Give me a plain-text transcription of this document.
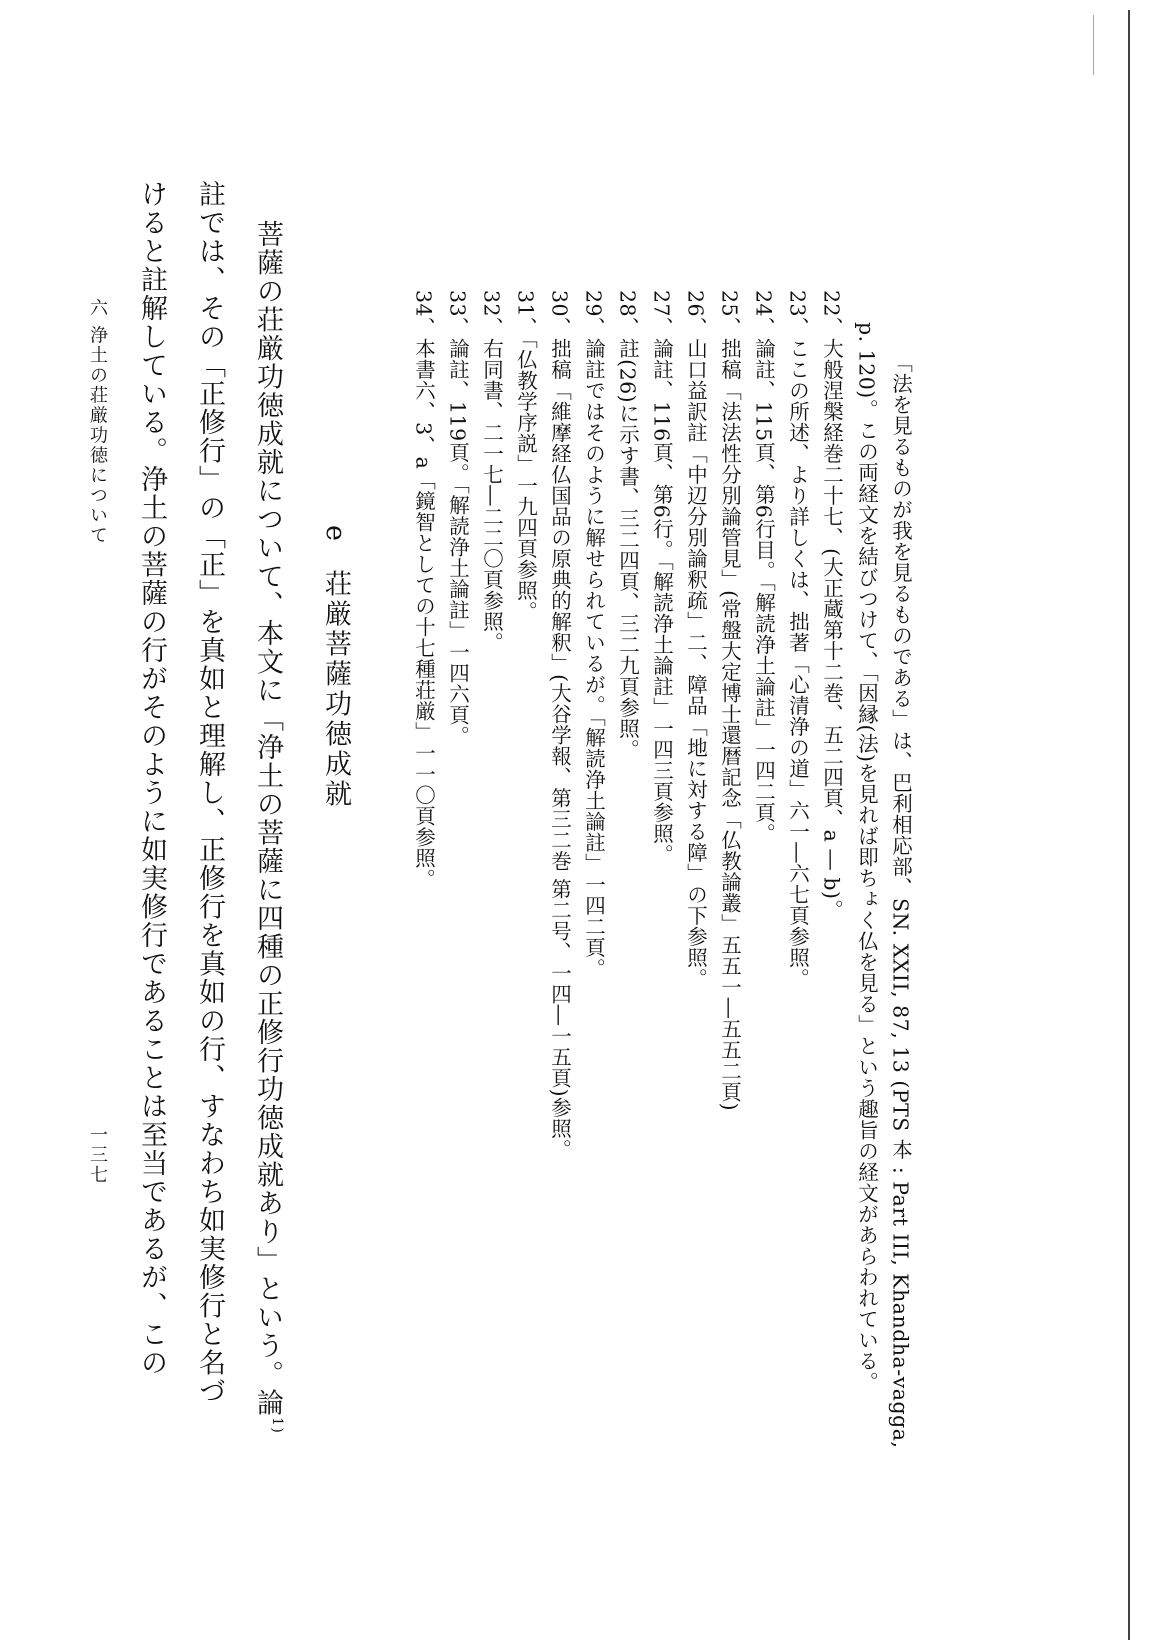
「法を見るものが我を見るものである」は、巴利相応部、SN. XXII, 87, 13 (PTS 本 : Part III, Khandha-vagga,
p. 120)。この両経文を結びつけて、「因縁(法)を見れば即ちょく仏を見る」という趣旨の経文があらわれている。
22、大般涅槃経巻二十七、(大正蔵第十二巻、五二四頁、a ― b)。
23、ここの所述、より詳しくは、拙著「心清浄の道」六一―六七頁参照。
24、論註、115頁、第6行目。「解読浄土論註」一四二頁。
25、拙稿「法法性分別論管見」(常盤大定博士還暦記念「仏教論叢」五五一―五五二頁)
26、山口益訳註「中辺分別論釈疏」二、障品「地に対する障」の下参照。
27、論註、116頁、第6行。「解読浄土論註」一四三頁参照。
28、註(26)に示す書、三二四頁、三二九頁参照。
29、論註ではそのように解せられているが。「解読浄土論註」一四二頁。
30、拙稿「維摩経仏国品の原典的解釈」(大谷学報、第三二巻 第二号、一四―一五頁)参照。
31、「仏教学序説」一九四頁参照。
32、右同書、二一七―二二〇頁参照。
33、論註、119頁。「解読浄土論註」一四六頁。
34、本書六、3、a「鏡智としての十七種荘厳」一一〇頁参照。
e荘厳菩薩功徳成就
菩薩の荘厳功徳成就について、本文に「浄土の菩薩に四種の正修行功徳成就あり」という。論$^{1)}$
註では、その「正修行」の「正」を真如と理解し、正修行を真如の行、すなわち如実修行と名づ
けると註解している。浄土の菩薩の行がそのように如実修行であることは至当であるが、この
六 浄土の荘厳功徳について
一三七
